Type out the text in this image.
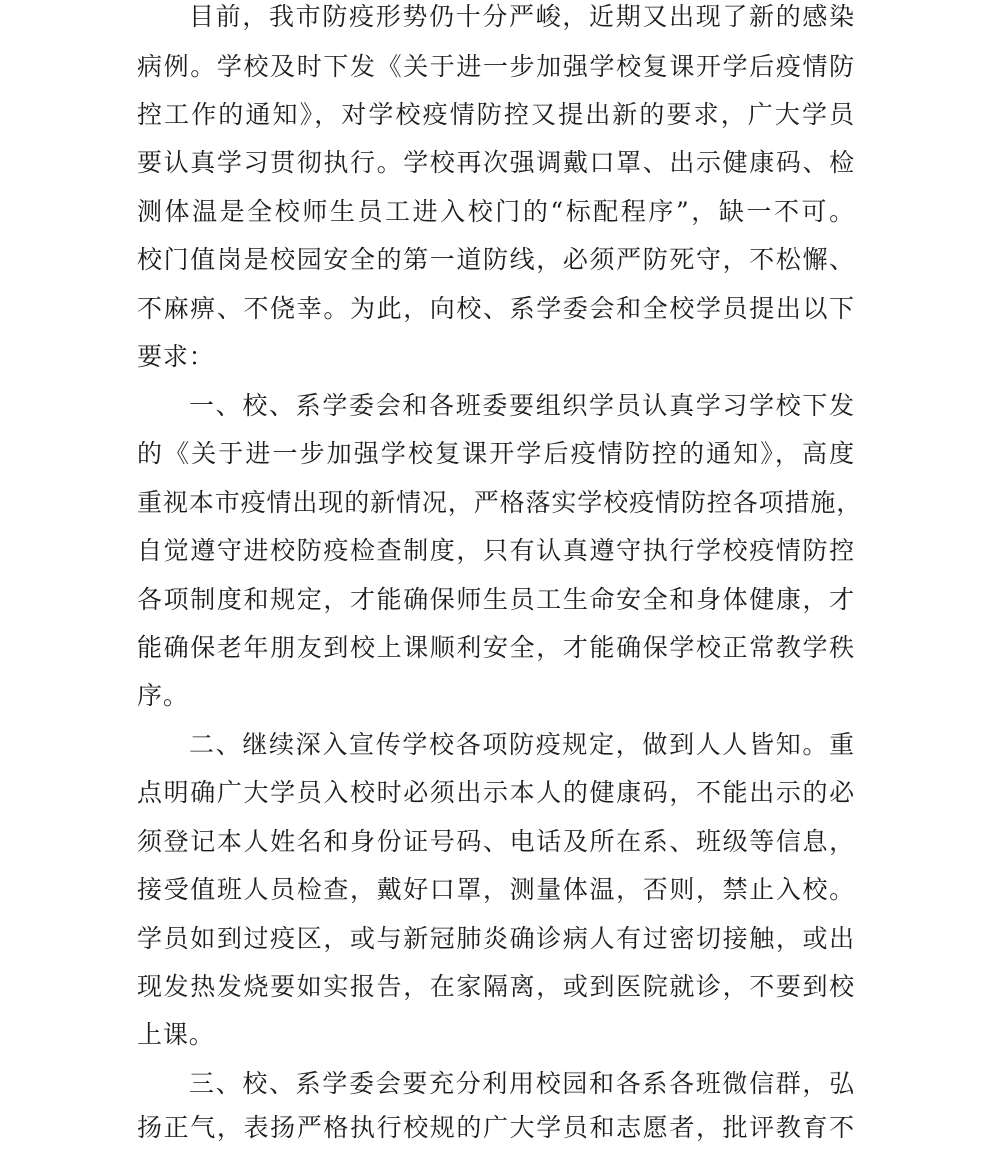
目前，我市防疫形势仍十分严峻，近期又出现了新的感染
病例。学校及时下发《关于进一步加强学校复课开学后疫情防
控工作的通知》，对学校疫情防控又提出新的要求，广大学员
要认真学习贯彻执行。学校再次强调戴口罩、出示健康码、检
测体温是全校师生员工进入校门的“标配程序”，缺一不可。
校门值岗是校园安全的第一道防线，必须严防死守，不松懈、
不麻痹、不侥幸。为此，向校、系学委会和全校学员提出以下
要求：
一、校、系学委会和各班委要组织学员认真学习学校下发
的《关于进一步加强学校复课开学后疫情防控的通知》，高度
重视本市疫情出现的新情况，严格落实学校疫情防控各项措施，
自觉遵守进校防疫检查制度，只有认真遵守执行学校疫情防控
各项制度和规定，才能确保师生员工生命安全和身体健康，才
能确保老年朋友到校上课顺利安全，才能确保学校正常教学秩
序。
二、继续深入宣传学校各项防疫规定，做到人人皆知。重
点明确广大学员入校时必须出示本人的健康码，不能出示的必
须登记本人姓名和身份证号码、电话及所在系、班级等信息，
接受值班人员检查，戴好口罩，测量体温，否则，禁止入校。
学员如到过疫区，或与新冠肺炎确诊病人有过密切接触，或出
现发热发烧要如实报告，在家隔离，或到医院就诊，不要到校
上课。
三、校、系学委会要充分利用校园和各系各班微信群，弘
扬正气，表扬严格执行校规的广大学员和志愿者，批评教育不
